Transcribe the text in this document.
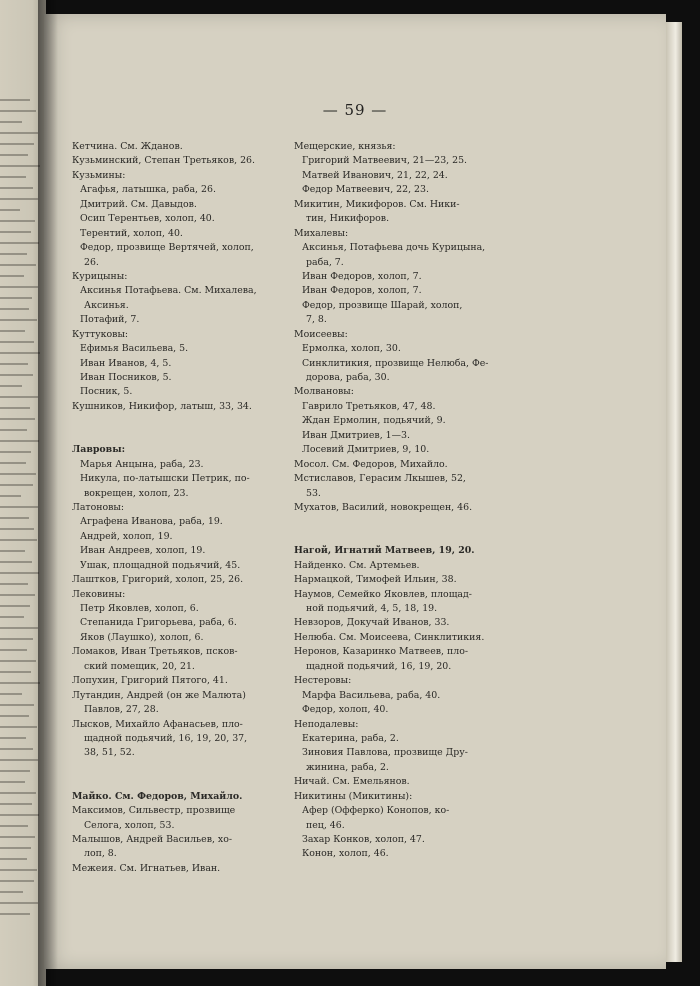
— 59 —
Кетчина. См. Жданов.
Кузьминский, Степан Третьяков, 26.
Кузьмины:
Агафья, латышка, раба, 26.
Дмитрий. См. Давыдов.
Осип Терентьев, холоп, 40.
Терентий, холоп, 40.
Федор, прозвище Вертячей, холоп,
26.
Курицыны:
Аксинья Потафьева. См. Михалева,
Аксинья.
Потафий, 7.
Куттуковы:
Ефимья Васильева, 5.
Иван Иванов, 4, 5.
Иван Посников, 5.
Посник, 5.
Кушников, Никифор, латыш, 33, 34.
Лавровы:
Марья Анцына, раба, 23.
Никула, по-латышски Петрик, по-
вокрещен, холоп, 23.
Латоновы:
Аграфена Иванова, раба, 19.
Андрей, холоп, 19.
Иван Андреев, холоп, 19.
Ушак, площадной подьячий, 45.
Лаштков, Григорий, холоп, 25, 26.
Лековины:
Петр Яковлев, холоп, 6.
Степанида Григорьева, раба, 6.
Яков (Лаушко), холоп, 6.
Ломаков, Иван Третьяков, псков-
ский помещик, 20, 21.
Лопухин, Григорий Пятого, 41.
Лутандин, Андрей (он же Малюта)
Павлов, 27, 28.
Лысков, Михайло Афанасьев, пло-
щадной подьячий, 16, 19, 20, 37,
38, 51, 52.
Майко. См. Федоров, Михайло.
Максимов, Сильвестр, прозвище
Селога, холоп, 53.
Малышов, Андрей Васильев, хо-
лоп, 8.
Межеия. См. Игнатьев, Иван.
Мещерские, князья:
Григорий Матвеевич, 21—23, 25.
Матвей Иванович, 21, 22, 24.
Федор Матвеевич, 22, 23.
Микитин, Микифоров. См. Ники-
тин, Никифоров.
Михалевы:
Аксинья, Потафьева дочь Курицына,
раба, 7.
Иван Федоров, холоп, 7.
Иван Федоров, холоп, 7.
Федор, прозвище Шарай, холоп,
7, 8.
Моисеевы:
Ермолка, холоп, 30.
Синклитикия, прозвище Нелюба, Фе-
дорова, раба, 30.
Молвановы:
Гаврило Третьяков, 47, 48.
Ждан Ермолин, подьячий, 9.
Иван Дмитриев, 1—3.
Лосевий Дмитриев, 9, 10.
Мосол. См. Федоров, Михайло.
Мстиславов, Герасим Лкышев, 52,
53.
Мухатов, Василий, новокрещен, 46.
Нагой, Игнатий Матвеев, 19, 20.
Найденко. См. Артемьев.
Нармацкой, Тимофей Ильин, 38.
Наумов, Семейко Яковлев, площад-
ной подьячий, 4, 5, 18, 19.
Невзоров, Докучай Иванов, 33.
Нелюба. См. Моисеева, Синклитикия.
Неронов, Казаринко Матвеев, пло-
щадной подьячий, 16, 19, 20.
Нестеровы:
Марфа Васильева, раба, 40.
Федор, холоп, 40.
Неподалевы:
Екатерина, раба, 2.
Зиновия Павлова, прозвище Дру-
жинина, раба, 2.
Ничай. См. Емельянов.
Никитины (Микитины):
Афер (Офферко) Конопов, ко-
пец, 46.
Захар Конков, холоп, 47.
Конон, холоп, 46.
